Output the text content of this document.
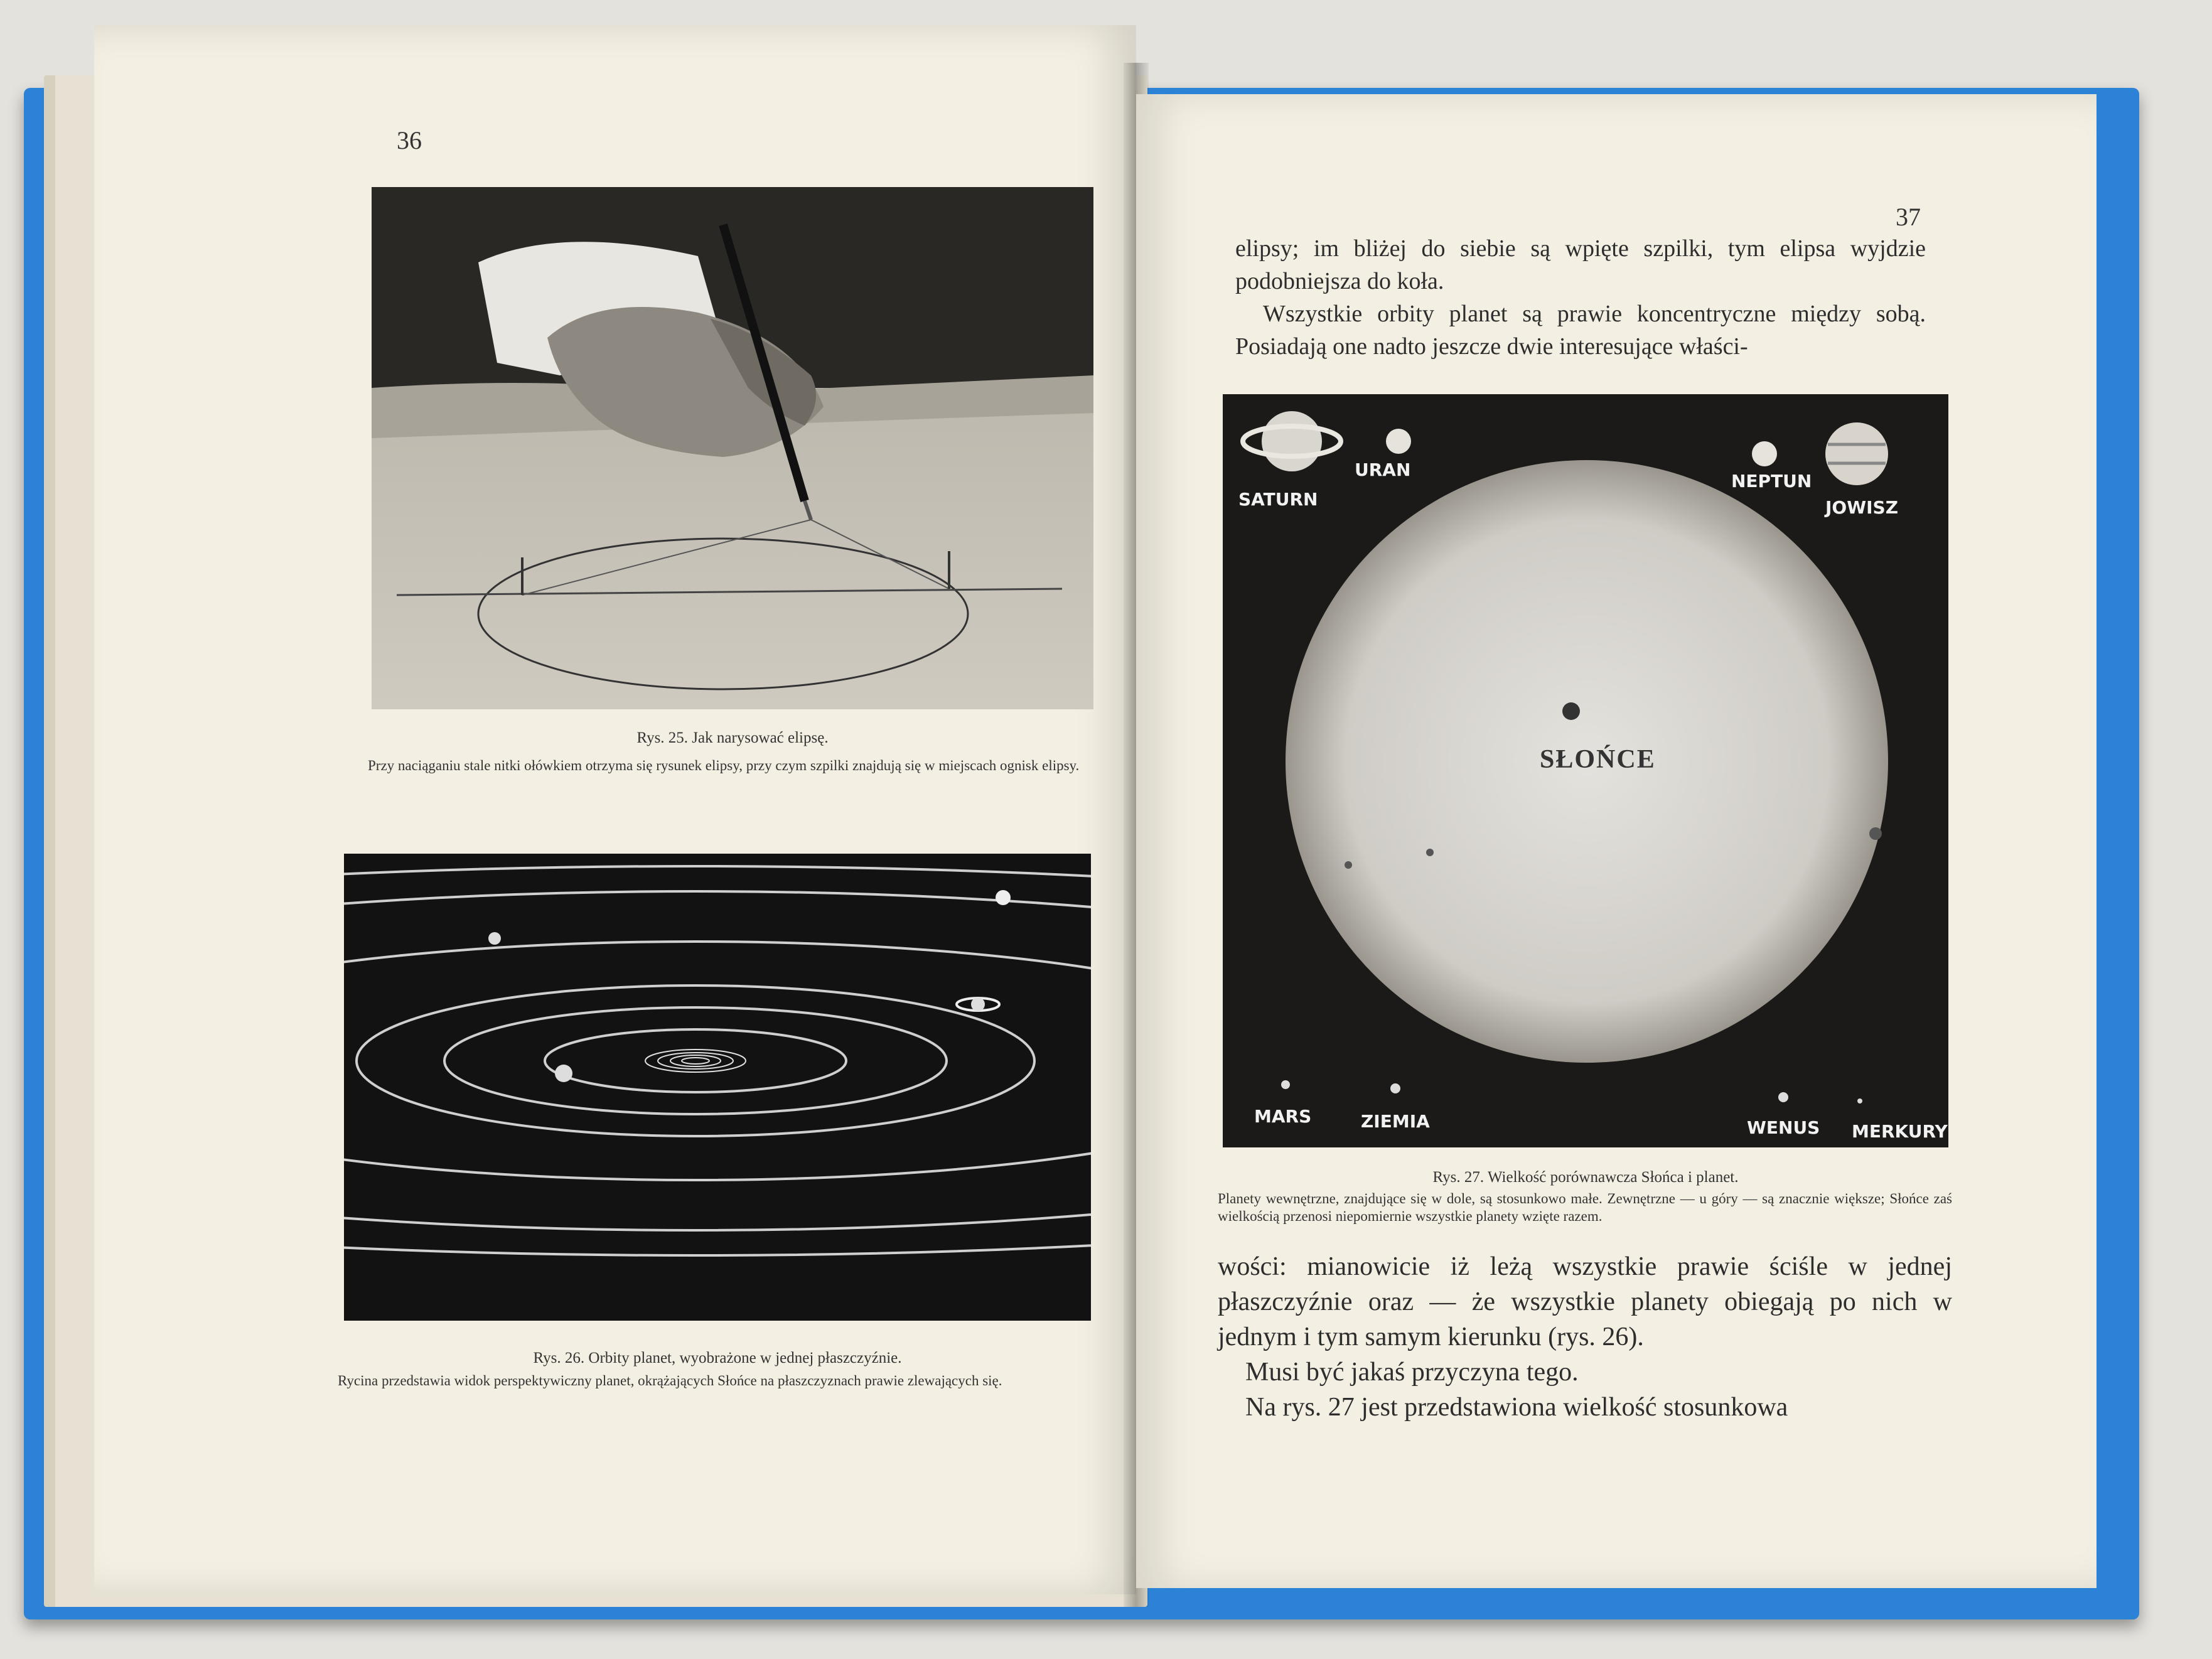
36
Rys. 25. Jak narysować elipsę.
Przy naciąganiu stale nitki ołówkiem otrzyma się rysunek elipsy, przy czym szpilki znajdują się w miejscach ognisk elipsy.
Rys. 26. Orbity planet, wyobrażone w jednej płaszczyźnie.
Rycina przedstawia widok perspektywiczny planet, okrążających Słońce na płaszczyznach prawie zlewających się.
37

elipsy; im bliżej do siebie są wpięte szpilki, tym elipsa wyjdzie podobniejsza do koła.

Wszystkie orbity planet są prawie koncentryczne między sobą. Posiadają one nadto jeszcze dwie interesujące właści-

SATURN
URAN
NEPTUN
JOWISZ
SŁOŃCE
MARS	ZIEMIA	WENUS MERKURY
Rys. 27. Wielkość porównawcza Słońca i planet.
Planety wewnętrzne, znajdujące się w dole, są stosunkowo małe. Zewnętrzne — u góry — są znacznie większe; Słońce zaś wielkością przenosi niepomiernie wszystkie planety wzięte razem.

wości: mianowicie iż leżą wszystkie prawie ściśle w jednej płaszczyźnie oraz — że wszystkie planety obiegają po nich w jednym i tym samym kierunku (rys. 26).

Musi być jakaś przyczyna tego.

Na rys. 27 jest przedstawiona wielkość stosunkowa
